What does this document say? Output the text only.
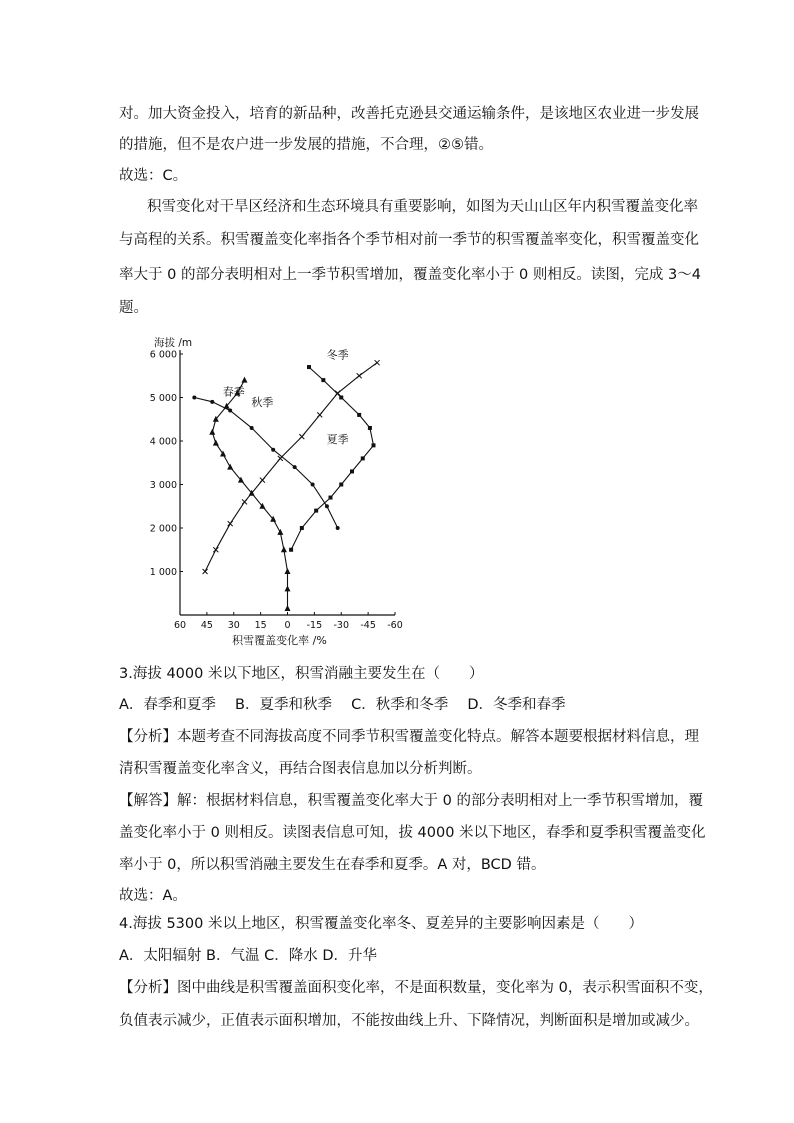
对。加大资金投入，培育的新品种，改善托克逊县交通运输条件，是该地区农业进一步发展
的措施，但不是农户进一步发展的措施，不合理，②⑤错。
故选：C。
积雪变化对干旱区经济和生态环境具有重要影响，如图为天山山区年内积雪覆盖变化率
与高程的关系。积雪覆盖变化率指各个季节相对前一季节的积雪覆盖率变化，积雪覆盖变化
率大于 0 的部分表明相对上一季节积雪增加，覆盖变化率小于 0 则相反。读图，完成 3～4
题。
海拔 /m
6 000
5 000
4 000
3 000
2 000
1 000
60 45 30 15 0 -15 -30 -45 -60
积雪覆盖变化率 /%
春季
秋季
冬季
夏季
3.海拔 4000 米以下地区，积雪消融主要发生在（　　）
A．春季和夏季　 B．夏季和秋季　 C．秋季和冬季　 D．冬季和春季
【分析】本题考查不同海拔高度不同季节积雪覆盖变化特点。解答本题要根据材料信息，理
清积雪覆盖变化率含义，再结合图表信息加以分析判断。
【解答】解：根据材料信息，积雪覆盖变化率大于 0 的部分表明相对上一季节积雪增加，覆
盖变化率小于 0 则相反。读图表信息可知，拔 4000 米以下地区，春季和夏季积雪覆盖变化
率小于 0，所以积雪消融主要发生在春季和夏季。A 对，BCD 错。
故选：A。
4.海拔 5300 米以上地区，积雪覆盖变化率冬、夏差异的主要影响因素是（　　）
A．太阳辐射 B．气温 C．降水 D．升华
【分析】图中曲线是积雪覆盖面积变化率，不是面积数量，变化率为 0，表示积雪面积不变，
负值表示减少，正值表示面积增加，不能按曲线上升、下降情况，判断面积是增加或减少。
